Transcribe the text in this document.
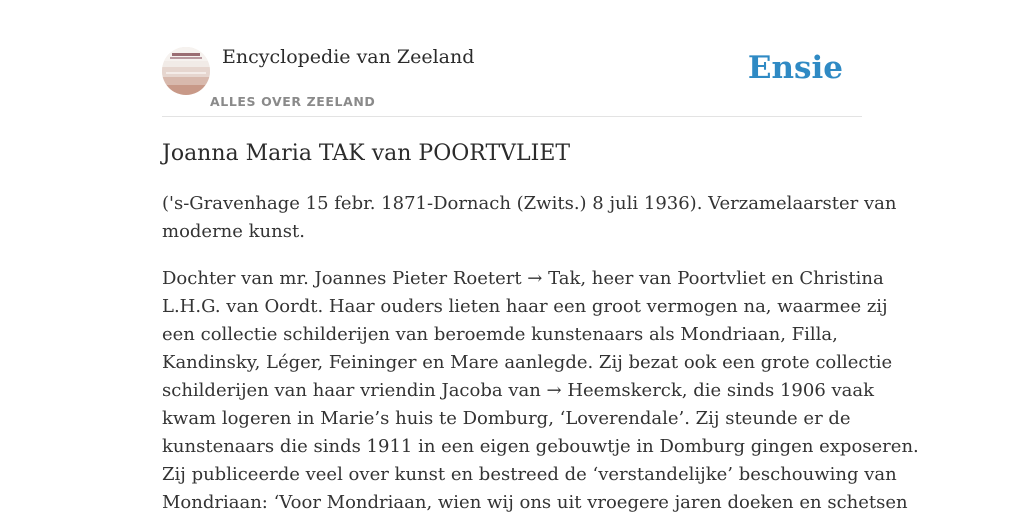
Encyclopedie van Zeeland
ALLES OVER ZEELAND
Ensie
Joanna Maria TAK van POORTVLIET

('s-Gravenhage 15 febr. 1871-Dornach (Zwits.) 8 juli 1936). Verzamelaarster van
moderne kunst.

Dochter van mr. Joannes Pieter Roetert → Tak, heer van Poortvliet en Christina
L.H.G. van Oordt. Haar ouders lieten haar een groot vermogen na, waarmee zij
een collectie schilderijen van beroemde kunstenaars als Mondriaan, Filla,
Kandinsky, Léger, Feininger en Mare aanlegde. Zij bezat ook een grote collectie
schilderijen van haar vriendin Jacoba van → Heemskerck, die sinds 1906 vaak
kwam logeren in Marie’s huis te Domburg, ‘Loverendale’. Zij steunde er de
kunstenaars die sinds 1911 in een eigen gebouwtje in Domburg gingen exposeren.
Zij publiceerde veel over kunst en bestreed de ‘verstandelijke’ beschouwing van
Mondriaan: ‘Voor Mondriaan, wien wij ons uit vroegere jaren doeken en schetsen
